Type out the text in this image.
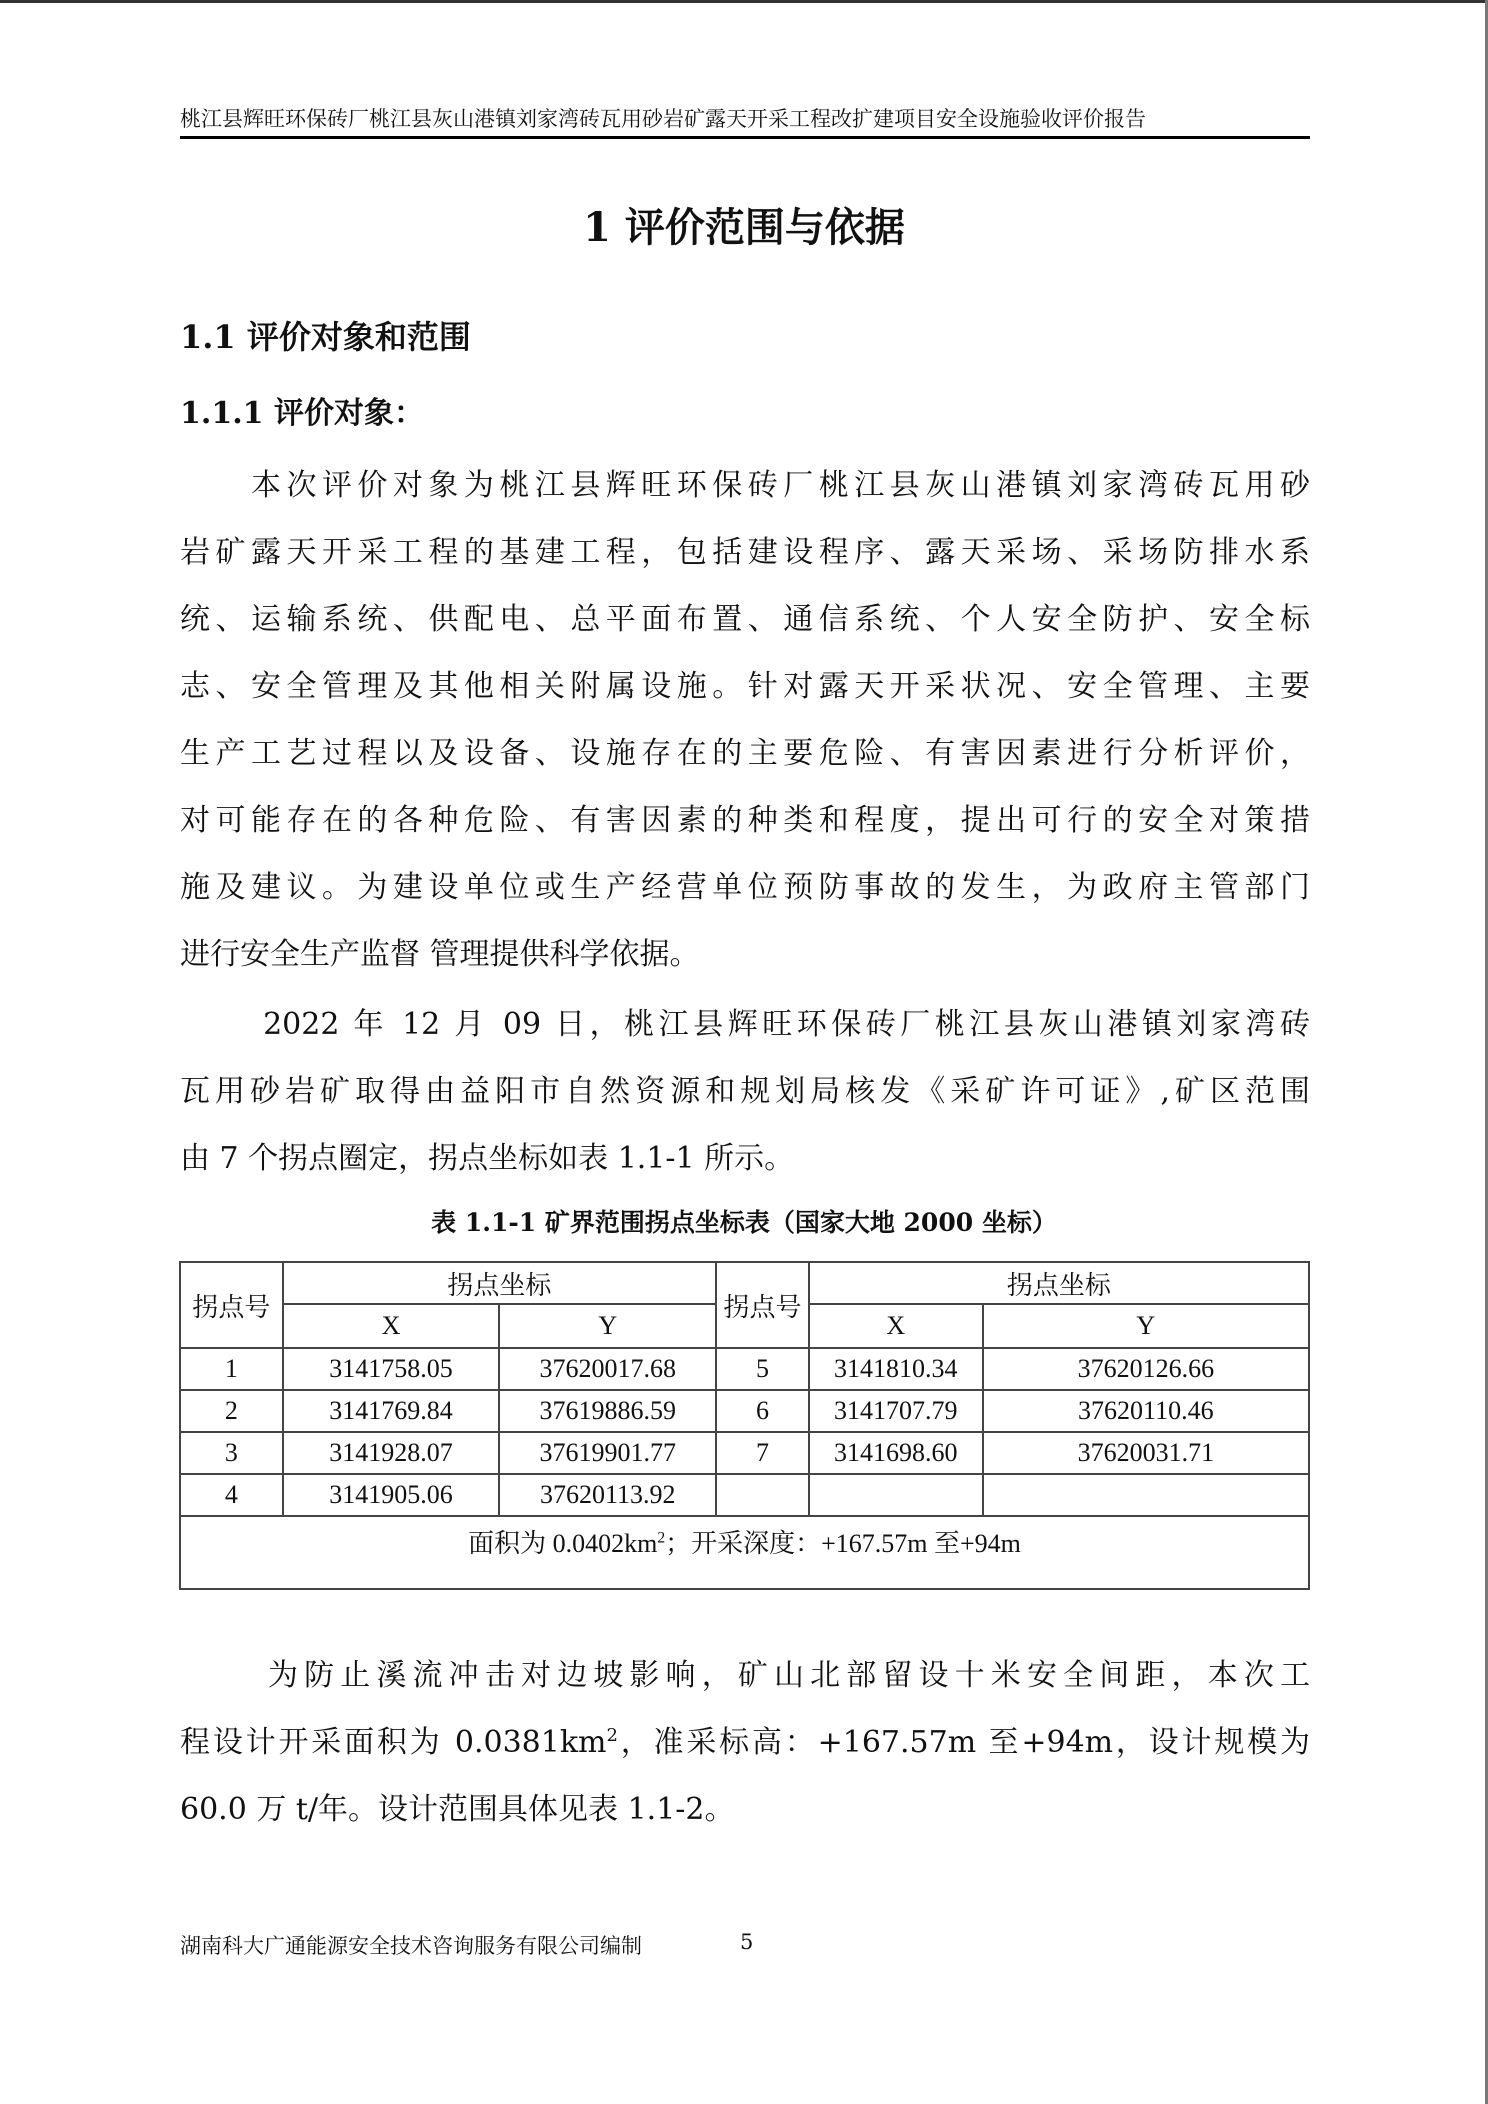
桃江县辉旺环保砖厂桃江县灰山港镇刘家湾砖瓦用砂岩矿露天开采工程改扩建项目安全设施验收评价报告
1 评价范围与依据
1.1 评价对象和范围
1.1.1 评价对象：
　　本次评价对象为桃江县辉旺环保砖厂桃江县灰山港镇刘家湾砖瓦用砂
岩矿露天开采工程的基建工程，包括建设程序、露天采场、采场防排水系
统、运输系统、供配电、总平面布置、通信系统、个人安全防护、安全标
志、安全管理及其他相关附属设施。针对露天开采状况、安全管理、主要
生产工艺过程以及设备、设施存在的主要危险、有害因素进行分析评价，
对可能存在的各种危险、有害因素的种类和程度，提出可行的安全对策措
施及建议。为建设单位或生产经营单位预防事故的发生，为政府主管部门
进行安全生产监督 管理提供科学依据。
　　 2022 年 12 月 09 日，桃江县辉旺环保砖厂桃江县灰山港镇刘家湾砖
瓦用砂岩矿取得由益阳市自然资源和规划局核发《采矿许可证》,矿区范围
由 7 个拐点圈定，拐点坐标如表 1.1-1 所示。
表 1.1-1 矿界范围拐点坐标表（国家大地 2000 坐标）
拐点号	拐点坐标		拐点号	拐点坐标	
	X	Y		X	Y
1	3141758.05	37620017.68	5	3141810.34	37620126.66
2	3141769.84	37619886.59	6	3141707.79	37620110.46
3	3141928.07	37619901.77	7	3141698.60	37620031.71
4	3141905.06	37620113.92			
面积为 $0.0402km^2$；开采深度：+167.57m 至+94m					
　　 为防止溪流冲击对边坡影响，矿山北部留设十米安全间距，本次工
程设计开采面积为 $0.0381km^2$，准采标高：+167.57m 至+94m，设计规模为
60.0 万 t/年。设计范围具体见表 1.1-2。
湖南科大广通能源安全技术咨询服务有限公司编制	5
